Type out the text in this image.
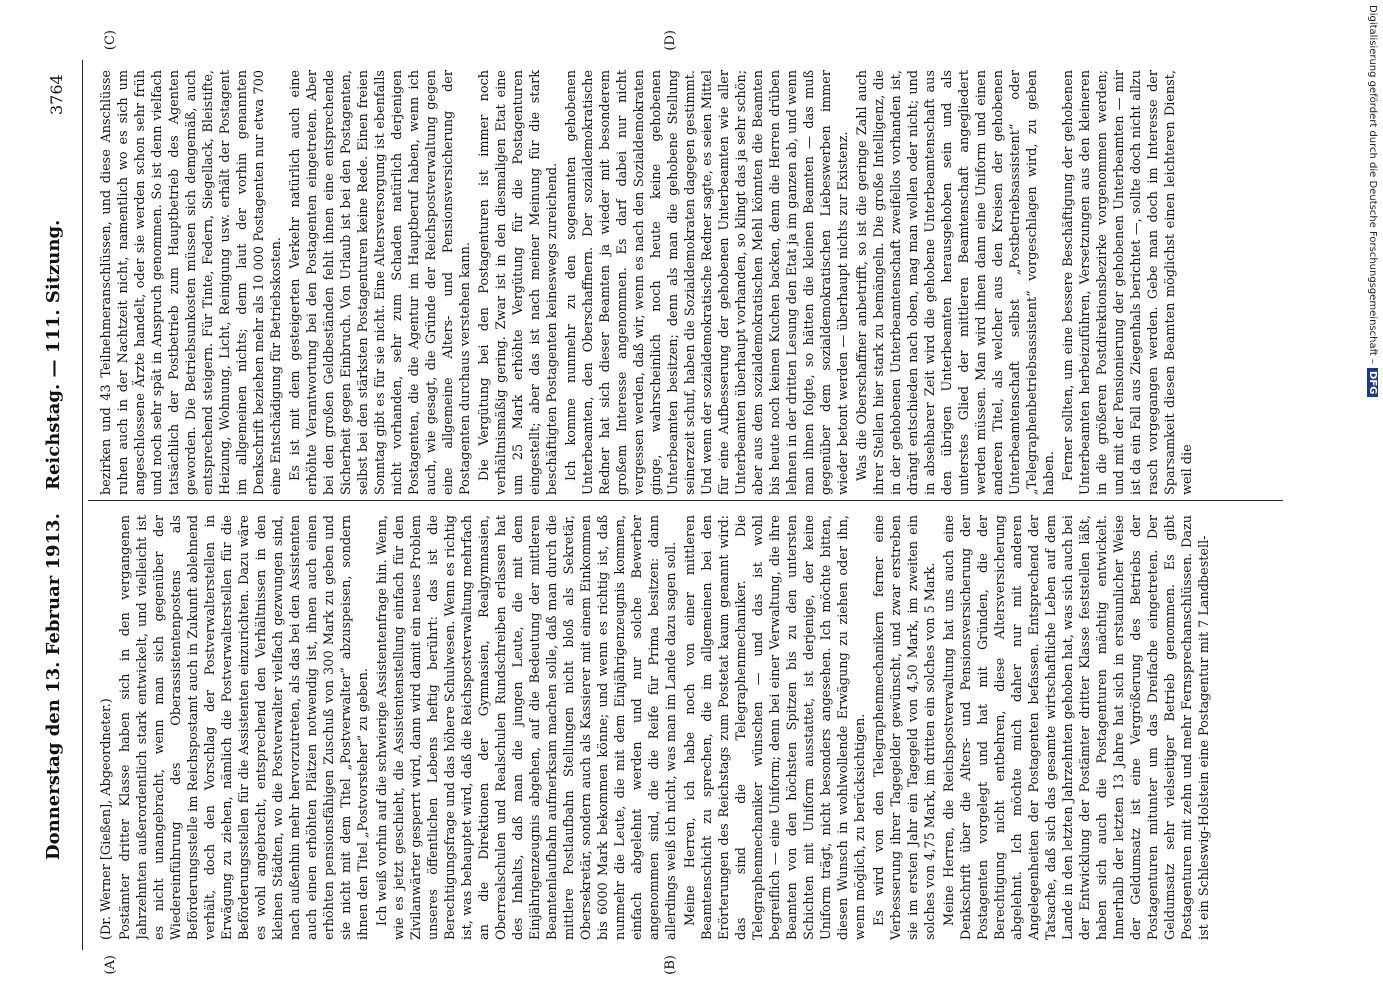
Digitalisierung gefördert durch die Deutsche Forschungsgemeinschaft –DFG
3764
Reichstag. — 111. Sitzung.
Donnerstag den 13. Februar 1913.
(A)	(B)
(C)	(D)

(Dr. Werner [Gießen], Abgeordneter.) Postämter dritter Klasse haben sich in den vergangenen Jahrzehnten außerordentlich stark entwickelt, und vielleicht ist es nicht unangebracht, wenn man sich gegenüber der Wiedereinführung des Oberassistentenpostens als Beförderungsstelle im Reichspostamt auch in Zukunft ablehnend verhält, doch den Vorschlag der Postverwalterstellen in Erwägung zu ziehen, nämlich die Postverwalterstellen für die Beförderungsstellen für die Assistenten einzurichten. Dazu wäre es wohl angebracht, entsprechend den Verhältnissen in den kleinen Städten, wo die Postverwalter vielfach gezwungen sind, nach außenhin mehr hervorzutreten, als das bei den Assistenten auch einen erhöhten Plätzen notwendig ist, ihnen auch einen erhöhten pensionsfähigen Zuschuß von 300 Mark zu geben und sie nicht mit dem Titel „Postverwalter“ abzuspeisen, sondern ihnen den Titel „Postvorsteher“ zu geben. Ich weiß vorhin auf die schwierige Assistentenfrage hin. Wenn, wie es jetzt geschieht, die Assistentenstellung einfach für den Zivilanwärter gesperrt wird, dann wird damit ein neues Problem unseres öffentlichen Lebens heftig berührt: das ist die Berechtigungsfrage und das höhere Schulwesen. Wenn es richtig ist, was behauptet wird, daß die Reichspostverwaltung mehrfach an die Direktionen der Gymnasien, Realgymnasien, Oberrealschulen und Realschulen Rundschreiben erlassen hat des Inhalts, daß man die jungen Leute, die mit dem Einjährigenzeugnis abgehen, auf die Bedeutung der mittleren Beamtenlaufbahn aufmerksam machen solle, daß man durch die mittlere Postlaufbahn Stellungen nicht bloß als Sekretär, Obersekretär, sondern auch als Kassierer mit einem Einkommen bis 6000 Mark bekommen könne; und wenn es richtig ist, daß nunmehr die Leute, die mit dem Einjährigenzeugnis kommen, einfach abgelehnt werden und nur solche Bewerber angenommen sind, die die Reife für Prima besitzen: dann allerdings weiß ich nicht, was man im Lande dazu sagen soll. Meine Herren, ich habe noch von einer mittleren Beamtenschicht zu sprechen, die im allgemeinen bei den Erörterungen des Reichstags zum Postetat kaum genannt wird: das sind die Telegraphenmechaniker. Die Telegraphenmechaniker wünschen — und das ist wohl begreiflich — eine Uniform; denn bei einer Verwaltung, die ihre Beamten von den höchsten Spitzen bis zu den untersten Schichten mit Uniform ausstattet, ist derjenige, der keine Uniform trägt, nicht besonders angesehen. Ich möchte bitten, diesen Wunsch in wohlwollende Erwägung zu ziehen oder ihn, wenn möglich, zu berücksichtigen. Es wird von den Telegraphenmechanikern ferner eine Verbesserung ihrer Tagegelder gewünscht, und zwar erstreben sie im ersten Jahr ein Tagegeld von 4,50 Mark, im zweiten ein solches von 4,75 Mark, im dritten ein solches von 5 Mark. Meine Herren, die Reichspostverwaltung hat uns auch eine Denkschrift über die Alters- und Pensionsversicherung der Postagenten vorgelegt und hat mit Gründen, die der Berechtigung nicht entbehren, diese Altersversicherung abgelehnt. Ich möchte mich daher nur mit anderen Angelegenheiten der Postagenten befassen. Entsprechend der Tatsache, daß sich das gesamte wirtschaftliche Leben auf dem Lande in den letzten Jahrzehnten gehoben hat, was sich auch bei der Entwicklung der Postämter dritter Klasse feststellen läßt, haben sich auch die Postagenturen mächtig entwickelt. Innerhalb der letzten 13 Jahre hat sich in erstaunlicher Weise der Geldumsatz ist eine Vergrößerung des Betriebs der Postagenturen mitunter um das Dreifache eingetreten. Der Geldumsatz sehr vielseitiger Betrieb genommen. Es gibt Postagenturen mit zehn und mehr Fernsprechanschlüssen. Dazu ist ein Schleswig-Holstein eine Postagentur mit 7 Landbestell-

bezirken und 43 Teilnehmeranschlüssen, und diese Anschlüsse ruhen auch in der Nachtzeit nicht, namentlich wo es sich um angeschlossene Ärzte handelt, oder sie werden schon sehr früh und noch sehr spät in Anspruch genommen. So ist denn vielfach tatsächlich der Postbetrieb zum Hauptbetrieb des Agenten geworden. Die Betriebsunkosten müssen sich demgemäß, auch entsprechend steigern. Für Tinte, Federn, Siegellack, Bleistifte, Heizung, Wohnung, Licht, Reinigung usw. erhält der Postagent im allgemeinen nichts; denn laut der vorhin genannten Denkschrift beziehen mehr als 10 000 Postagenten nur etwa 700 eine Entschädigung für Betriebskosten. Es ist mit dem gesteigerten Verkehr natürlich auch eine erhöhte Verantwortung bei den Postagenten eingetreten. Aber bei den großen Geldbeständen fehlt ihnen eine entsprechende Sicherheit gegen Einbruch. Von Urlaub ist bei den Postagenten, selbst bei den stärksten Postagenturen keine Rede. Einen freien Sonntag gibt es für sie nicht. Eine Altersversorgung ist ebenfalls nicht vorhanden, sehr zum Schaden natürlich derjenigen Postagenten, die die Agentur im Hauptberuf haben, wenn ich auch, wie gesagt, die Gründe der Reichspostverwaltung gegen eine allgemeine Alters- und Pensionsversicherung der Postagenten durchaus verstehen kann. Die Vergütung bei den Postagenturen ist immer noch verhältnismäßig gering. Zwar ist in den diesmaligen Etat eine um 25 Mark erhöhte Vergütung für die Postagenturen eingestellt; aber das ist nach meiner Meinung für die stark beschäftigten Postagenten keineswegs zureichend. Ich komme nunmehr zu den sogenannten gehobenen Unterbeamten, den Oberschaffnern. Der sozialdemokratische Redner hat sich dieser Beamten ja wieder mit besonderem großem Interesse angenommen. Es darf dabei nur nicht vergessen werden, daß wir, wenn es nach den Sozialdemokraten ginge, wahrscheinlich noch heute keine gehobenen Unterbeamten besitzen; denn als man die gehobene Stellung seinerzeit schuf, haben die Sozialdemokraten dagegen gestimmt. Und wenn der sozialdemokratische Redner sagte, es seien Mittel für eine Aufbesserung der gehobenen Unterbeamten wie aller Unterbeamten überhaupt vorhanden, so klingt das ja sehr schön; aber aus dem sozialdemokratischen Mehl könnten die Beamten bis heute noch keinen Kuchen backen, denn die Herren drüben lehnen in der dritten Lesung den Etat ja im ganzen ab, und wenn man ihnen folgte, so hätten die kleinen Beamten — das muß gegenüber dem sozialdemokratischen Liebeswerben immer wieder betont werden — überhaupt nichts zur Existenz. Was die Oberschaffner anbetrifft, so ist die geringe Zahl auch ihrer Stellen hier stark zu bemängeln. Die große Intelligenz, die in der gehobenen Unterbeamtenschaft zweifellos vorhanden ist, drängt entschieden nach oben, mag man wollen oder nicht; und in absehbarer Zeit wird die gehobene Unterbeamtenschaft aus den übrigen Unterbeamten herausgehoben sein und als unterstes Glied der mittleren Beamtenschaft angegliedert werden müssen. Man wird ihnen dann eine Uniform und einen anderen Titel, als welcher aus den Kreisen der gehobenen Unterbeamtenschaft selbst „Postbetriebsassistent“ oder „Telegraphenbetriebsassistent“ vorgeschlagen wird, zu geben haben. Ferner sollten, um eine bessere Beschäftigung der gehobenen Unterbeamten herbeizuführen, Versetzungen aus den kleineren in die größeren Postdirektionsbezirke vorgenommen werden; und mit der Pensionierung der gehobenen Unterbeamten — mir ist da ein Fall aus Ziegenhals berichtet —, sollte doch nicht allzu rasch vorgegangen werden. Gebe man doch im Interesse der Sparsamkeit diesen Beamten möglichst einen leichteren Dienst, weil die
